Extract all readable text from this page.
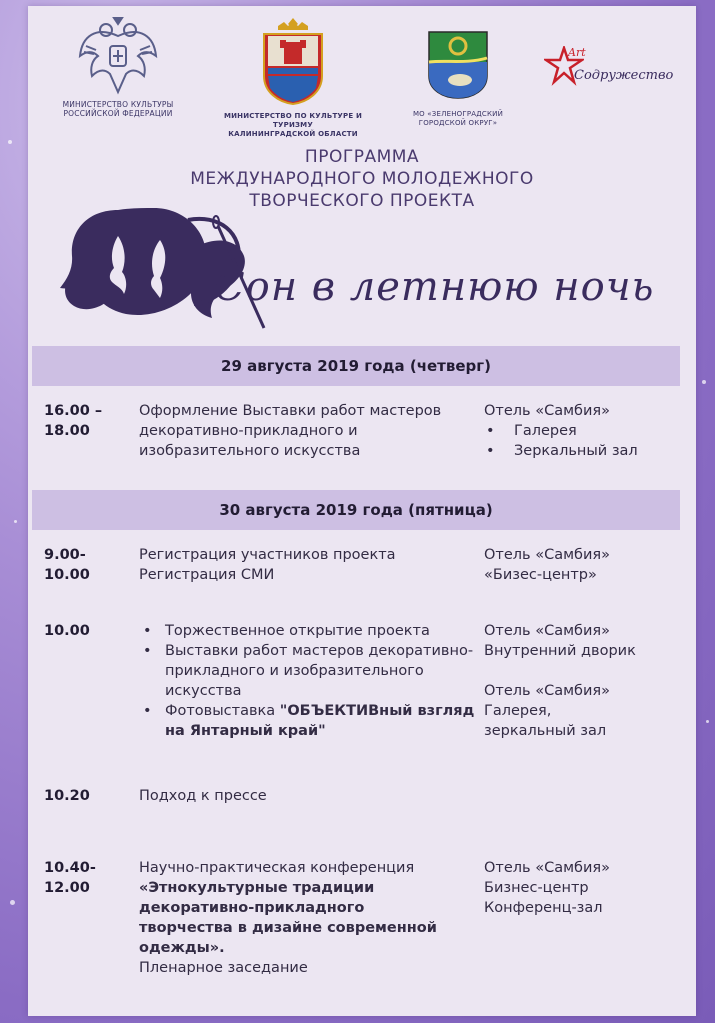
МИНИСТЕРСТВО КУЛЬТУРЫ
РОССИЙСКОЙ ФЕДЕРАЦИИ	МИНИСТЕРСТВО ПО КУЛЬТУРЕ И ТУРИЗМУ
КАЛИНИНГРАДСКОЙ ОБЛАСТИ
МО «ЗЕЛЕНОГРАДСКИЙ
ГОРОДСКОЙ ОКРУГ»
Art
Содружество
ПРОГРАММА
МЕЖДУНАРОДНОГО МОЛОДЕЖНОГО
ТВОРЧЕСКОГО ПРОЕКТА
Сон в летнюю ночь
29 августа 2019 года (четверг)
16.00 –
18.00
Оформление Выставки работ мастеров декоративно-прикладного и изобразительного искусства
Отель «Самбия»
• Галерея
• Зеркальный зал
30 августа 2019 года (пятница)
9.00-
10.00
Регистрация участников проекта
Регистрация СМИ
Отель «Самбия»
«Бизес-центр»
10.00
•	Торжественное открытие проекта
• Выставки работ мастеров декоративно-прикладного и изобразительного искусства
• Фотовыставка "ОБЪЕКТИВный взгляд на Янтарный край"
Отель «Самбия»
Внутренний дворик
Отель «Самбия»
Галерея,
зеркальный зал
10.20	Подход к прессе
10.40-
12.00
Научно-практическая конференция
«Этнокультурные традиции декоративно-прикладного творчества в дизайне современной одежды».
Пленарное заседание
Отель «Самбия»
Бизнес-центр
Конференц-зал
